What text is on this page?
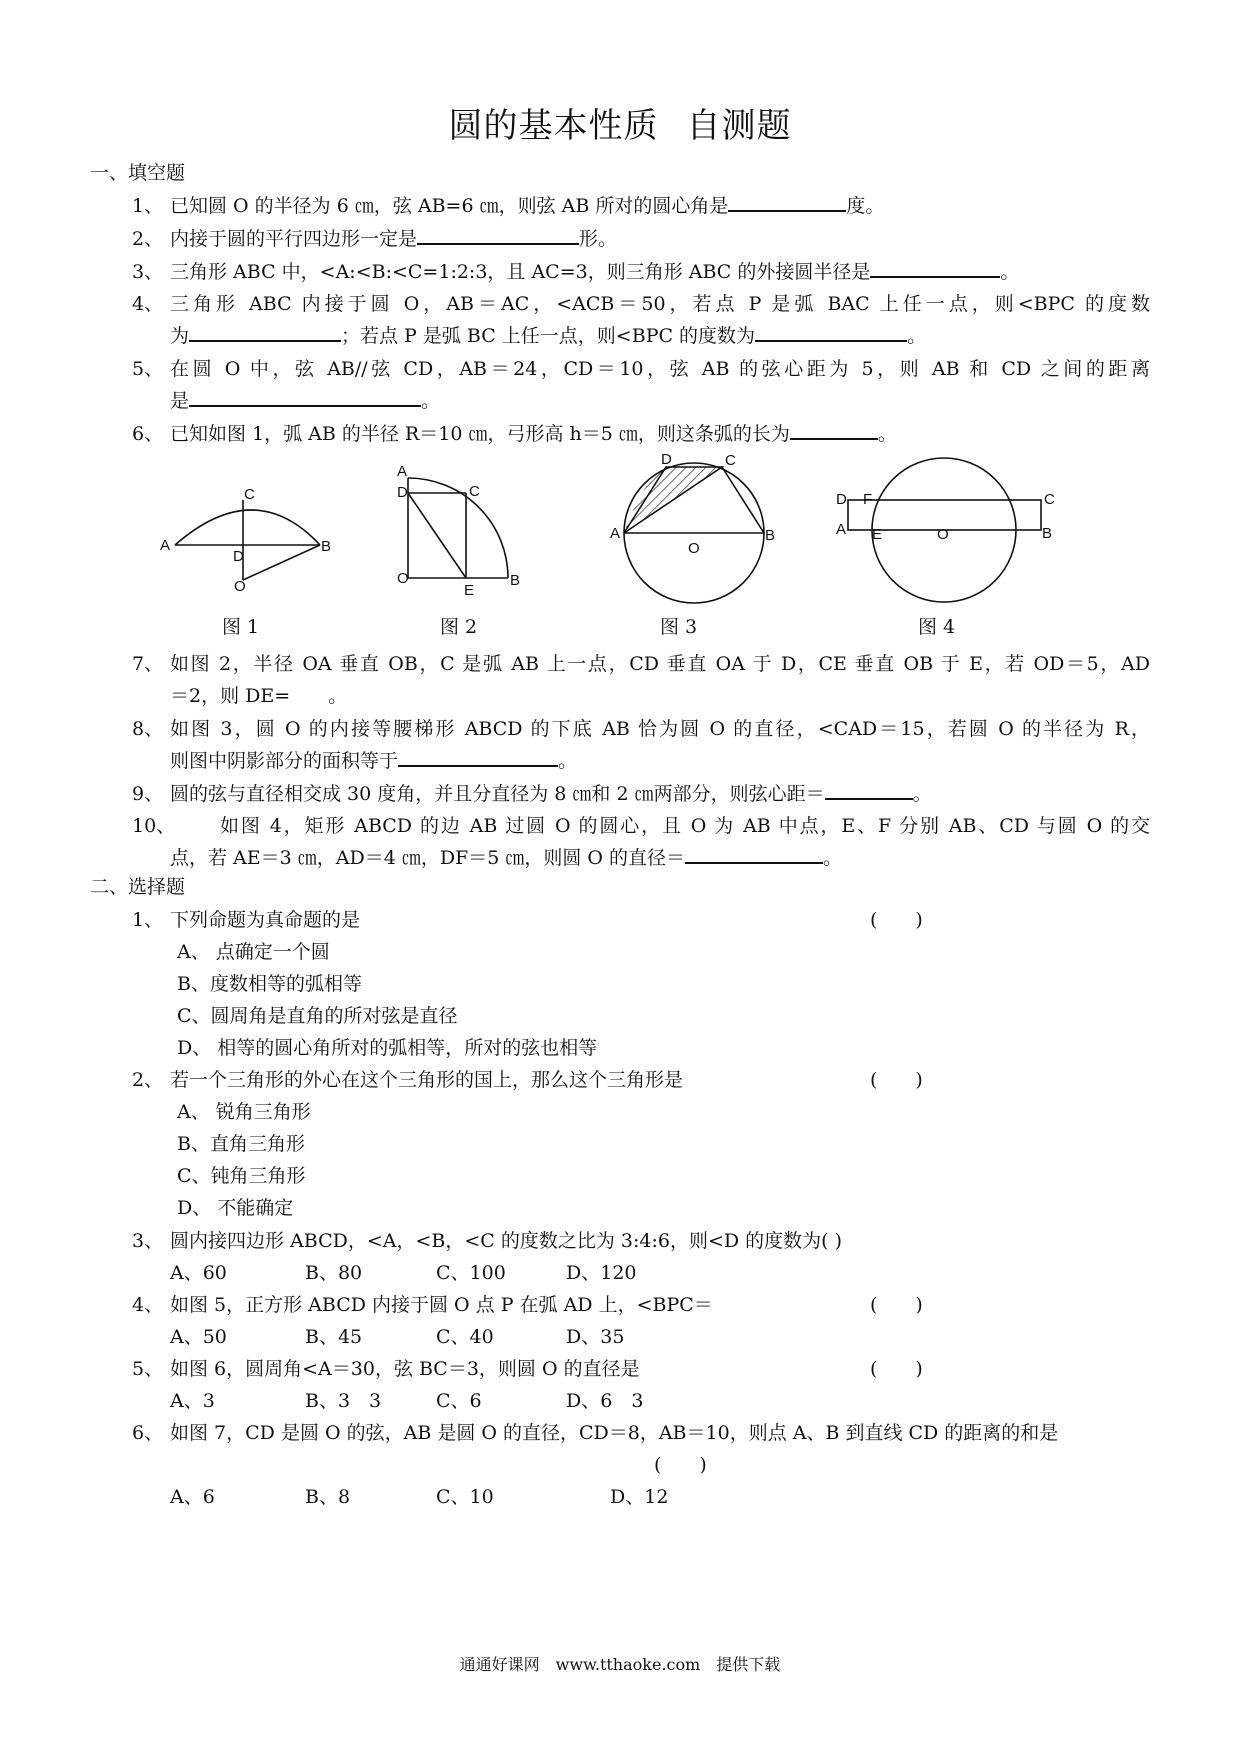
圆的基本性质 自测题
一、填空题
1、 已知圆 O 的半径为 6 ㎝，弦 AB=6 ㎝，则弦 AB 所对的圆心角是	度。
2、 内接于圆的平行四边形一定是	形。
3、 三角形 ABC 中，<A:<B:<C=1:2:3，且 AC=3，则三角形 ABC 的外接圆半径是	。
4、 三角形 ABC 内接于圆 O，AB＝AC，<ACB＝50，若点 P 是弧 BAC 上任一点，则<BPC 的度数
为	；若点 P 是弧 BC 上任一点，则<BPC 的度数为	。
5、 在圆 O 中，弦 AB//弦 CD，AB＝24，CD＝10，弦 AB 的弦心距为 5，则 AB 和 CD 之间的距离
是	。
6、 已知如图 1，弧 AB 的半径 R＝10 ㎝，弓形高 h＝5 ㎝，则这条弧的长为	。
C
A
D
B
O
A
D	C
O
E
B
D	C
A
O
B
D F	C
A E	O	B
图 1	图 2	图 3	图 4
7、 如图 2，半径 OA 垂直 OB，C 是弧 AB 上一点，CD 垂直 OA 于 D，CE 垂直 OB 于 E，若 OD＝5，AD
＝2，则 DE=　　。
8、 如图 3，圆 O 的内接等腰梯形 ABCD 的下底 AB 恰为圆 O 的直径，<CAD＝15，若圆 O 的半径为 R，
则图中阴影部分的面积等于	。
9、 圆的弦与直径相交成 30 度角，并且分直径为 8 ㎝和 2 ㎝两部分，则弦心距＝	。
10、 如图 4，矩形 ABCD 的边 AB 过圆 O 的圆心，且 O 为 AB 中点，E、F 分别 AB、CD 与圆 O 的交
点，若 AE＝3 ㎝，AD＝4 ㎝，DF＝5 ㎝，则圆 O 的直径＝	。
二、选择题
1、 下列命题为真命题的是	(　　)
A、 点确定一个圆
B、度数相等的弧相等
C、圆周角是直角的所对弦是直径
D、 相等的圆心角所对的弧相等，所对的弦也相等
2、 若一个三角形的外心在这个三角形的国上，那么这个三角形是	(　　)
A、 锐角三角形
B、直角三角形
C、钝角三角形
D、 不能确定
3、 圆内接四边形 ABCD，<A，<B，<C 的度数之比为 3:4:6，则<D 的度数为( )
A、60	B、80	C、100	D、120
4、 如图 5，正方形 ABCD 内接于圆 O 点 P 在弧 AD 上，<BPC＝	(　　)
A、50	B、45	C、40	D、35
5、 如图 6，圆周角<A＝30，弦 BC＝3，则圆 O 的直径是	(　　)
A、3	B、3　3	C、6	D、6　3
6、 如图 7，CD 是圆 O 的弦，AB 是圆 O 的直径，CD＝8，AB＝10，则点 A、B 到直线 CD 的距离的和是
(　　)
A、6	B、8	C、10	D、12
通通好课网　www.tthaoke.com　提供下载
